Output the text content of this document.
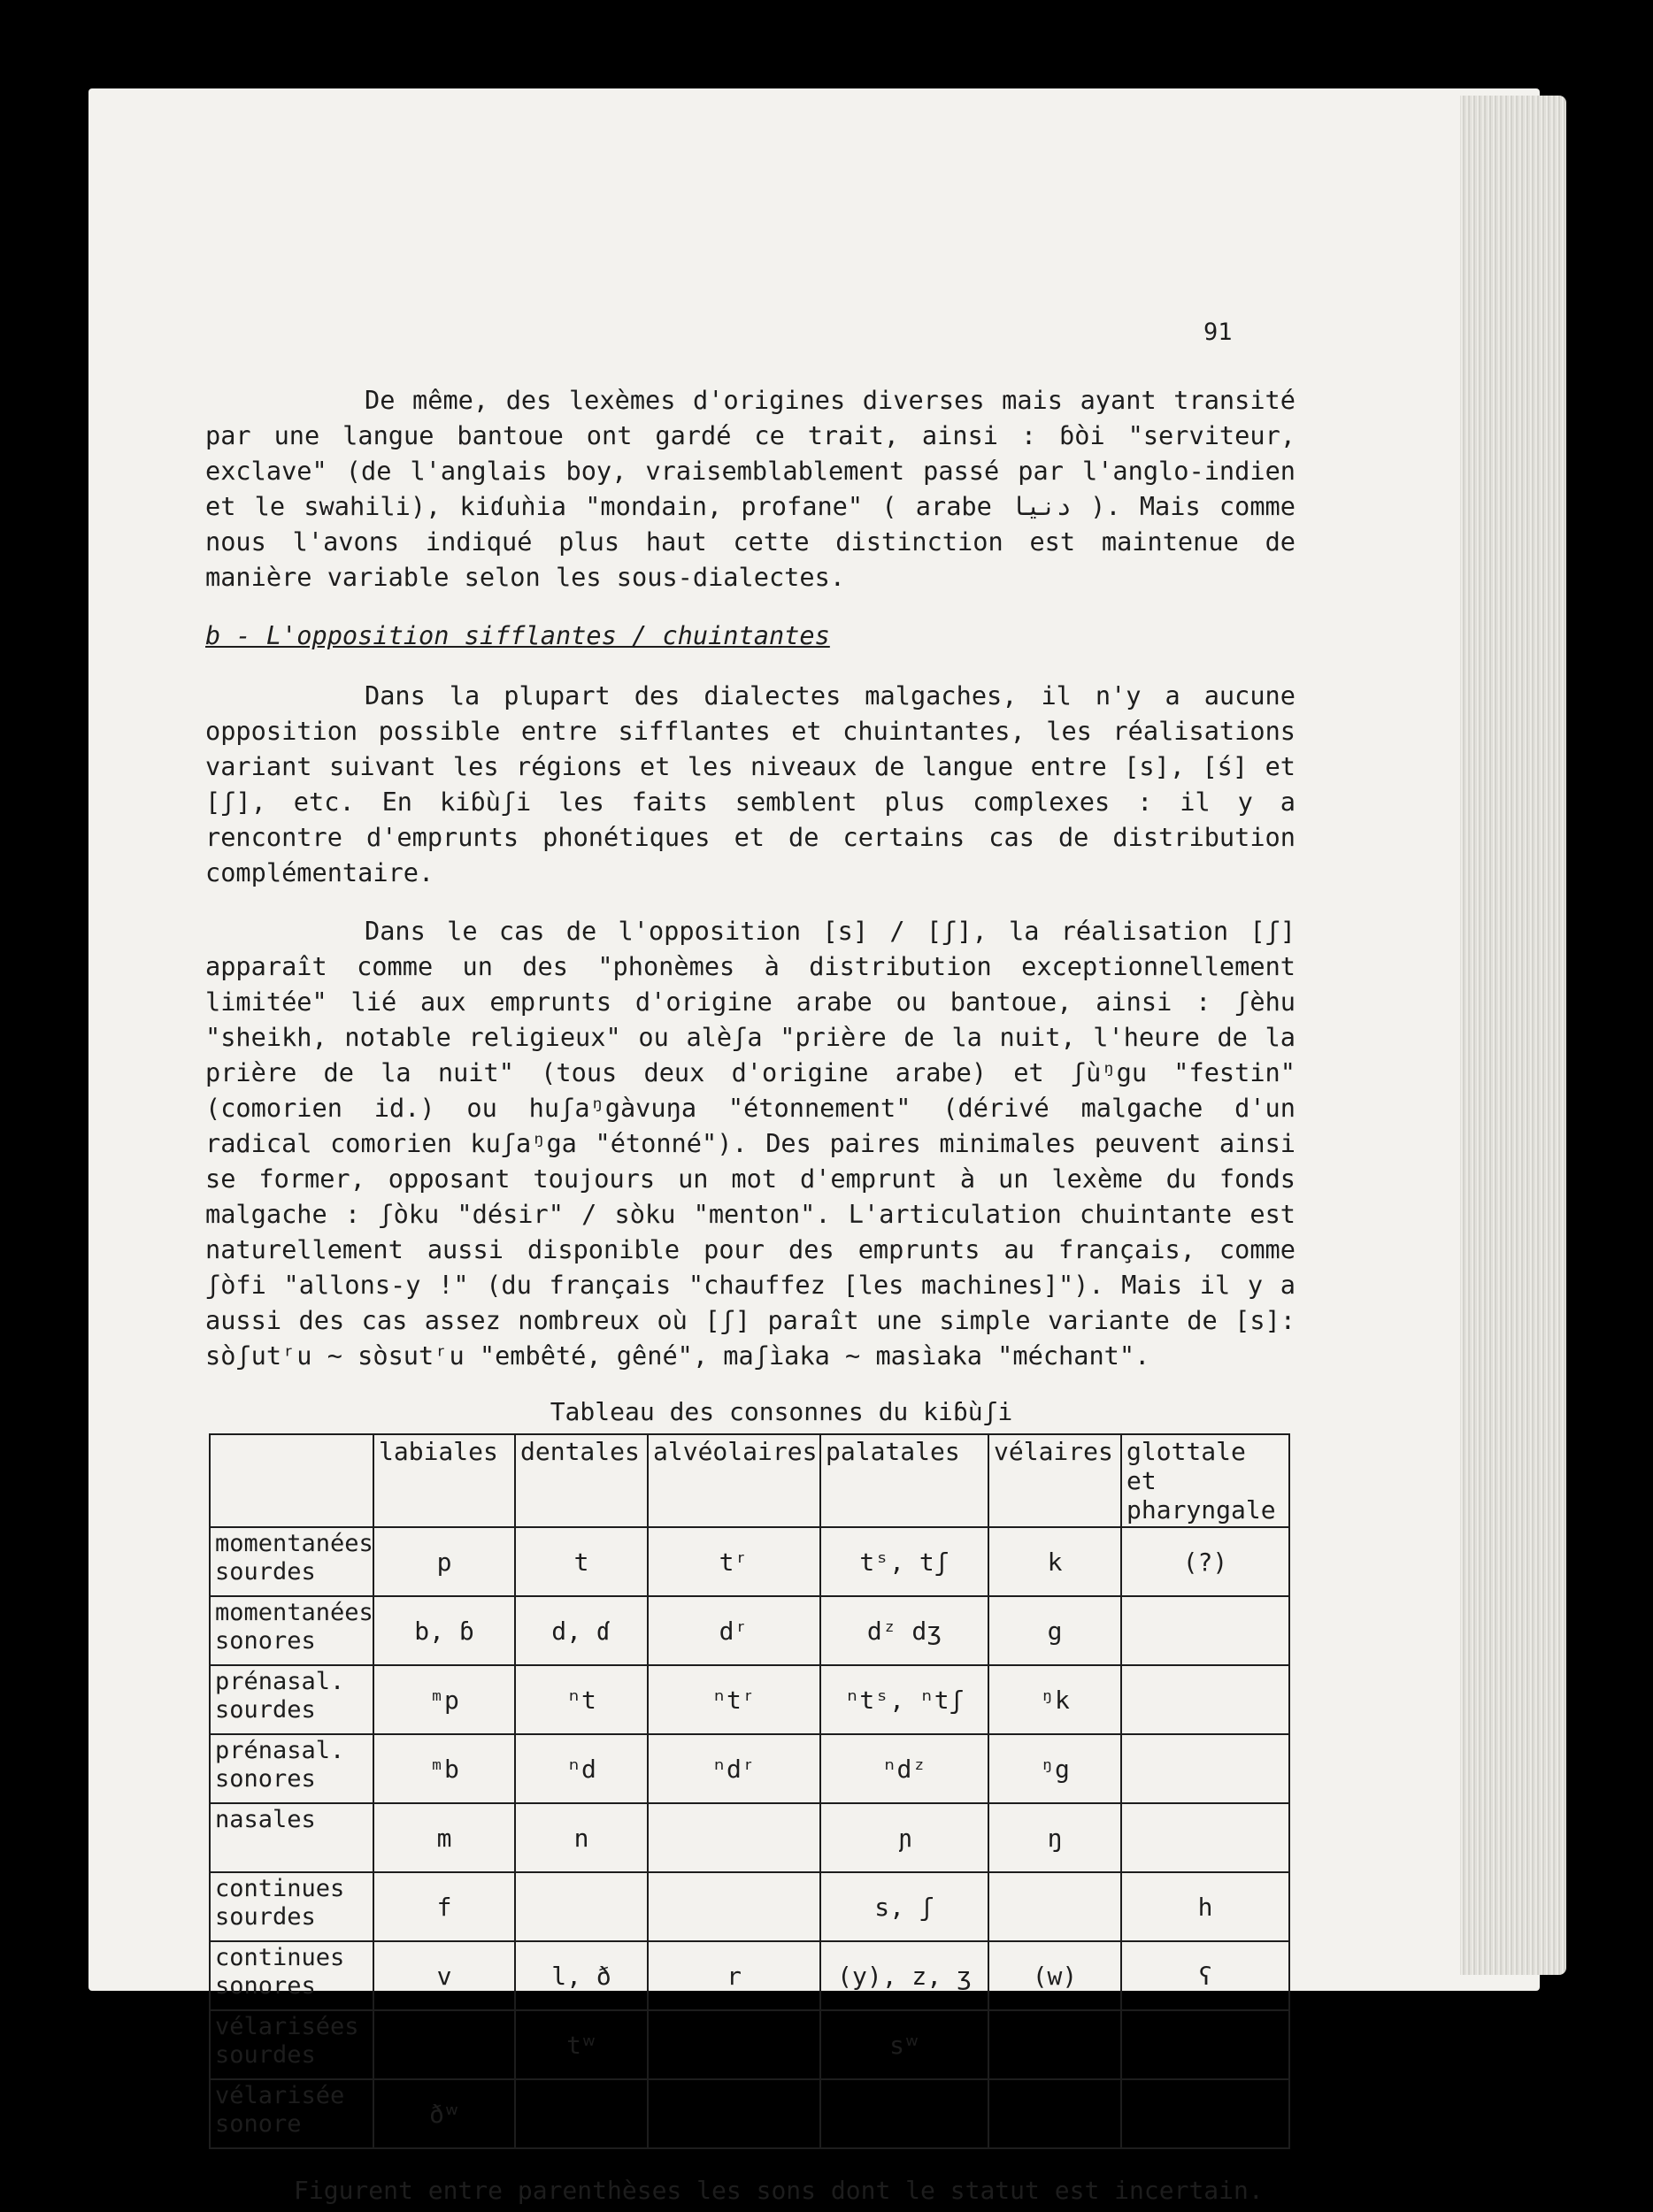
91

De même, des lexèmes d'origines diverses mais ayant transité par une langue bantoue ont gardé ce trait, ainsi : ɓòi "serviteur, exclave" (de l'anglais boy, vraisemblablement passé par l'anglo-indien et le swahili), kiɗuǹia "mondain, profane" ( arabe دنيا ). Mais comme nous l'avons indiqué plus haut cette distinction est maintenue de manière variable selon les sous-dialectes.

b - L'opposition sifflantes / chuintantes

Dans la plupart des dialectes malgaches, il n'y a aucune opposition possible entre sifflantes et chuintantes, les réalisations variant suivant les régions et les niveaux de langue entre [s], [ś] et [ʃ], etc. En kiɓùʃi les faits semblent plus complexes : il y a rencontre d'emprunts phonétiques et de certains cas de distribution complémentaire.

Dans le cas de l'opposition [s] / [ʃ], la réalisation [ʃ] apparaît comme un des "phonèmes à distribution exceptionnellement limitée" lié aux emprunts d'origine arabe ou bantoue, ainsi : ʃèhu "sheikh, notable religieux" ou alèʃa "prière de la nuit, l'heure de la prière de la nuit" (tous deux d'origine arabe) et ʃùᵑgu "festin" (comorien id.) ou huʃaᵑgàvuŋa "étonnement" (dérivé malgache d'un radical comorien kuʃaᵑga "étonné"). Des paires minimales peuvent ainsi se former, opposant toujours un mot d'emprunt à un lexème du fonds malgache : ʃòku "désir" / sòku "menton". L'articulation chuintante est naturellement aussi disponible pour des emprunts au français, comme ʃòfi "allons-y !" (du français "chauffez [les machines]"). Mais il y a aussi des cas assez nombreux où [ʃ] paraît une simple variante de [s]: sòʃutʳu ~ sòsutʳu "embêté, gêné", maʃìaka ~ masìaka "méchant".

Tableau des consonnes du kiɓùʃi
	labiales	dentales	alvéolaires	palatales	vélaires	glottale et pharyngale
momentanées sourdes	p	t	tʳ	tˢ, tʃ	k	(?)
momentanées sonores	b, ɓ	d, ɗ	dʳ	dᶻ dʒ	g	
prénasal. sourdes	ᵐp	ⁿt	ⁿtʳ	ⁿtˢ, ⁿtʃ	ᵑk	
prénasal. sonores	ᵐb	ⁿd	ⁿdʳ	ⁿdᶻ	ᵑg	
nasales	m	n		ɲ	ŋ	
continues sourdes	f			s, ʃ		h
continues sonores	v	l, ð	r	(y), z, ʒ	(w)	ʕ
vélarisées sourdes		tʷ		sʷ		
vélarisée sonore	ðʷ					
Figurent entre parenthèses les sons dont le statut est incertain.
